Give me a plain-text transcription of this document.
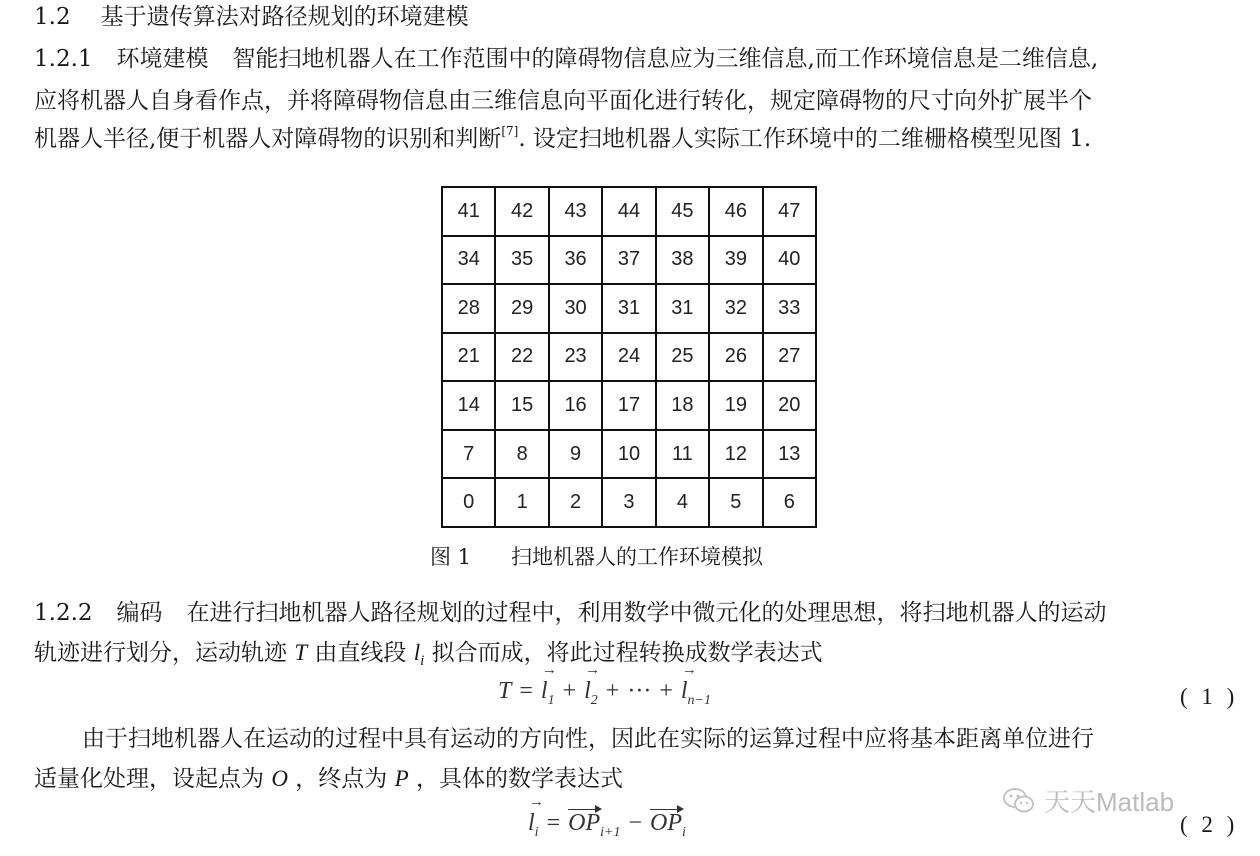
1.2 基于遗传算法对路径规划的环境建模
1.2.1 环境建模 智能扫地机器人在工作范围中的障碍物信息应为三维信息,而工作环境信息是二维信息,
应将机器人自身看作点，并将障碍物信息由三维信息向平面化进行转化，规定障碍物的尺寸向外扩展半个
机器人半径,便于机器人对障碍物的识别和判断[7]. 设定扫地机器人实际工作环境中的二维栅格模型见图 1.
41	42	43	44	45	46	47
34	35	36	37	38	39	40
28	29	30	31	31	32	33
21	22	23	24	25	26	27
14	15	16	17	18	19	20
7	8	9	10	11	12	13
0	1	2	3	4	5	6
图 1 扫地机器人的工作环境模拟
1.2.2 编码 在进行扫地机器人路径规划的过程中，利用数学中微元化的处理思想，将扫地机器人的运动
轨迹进行划分，运动轨迹 T 由直线段 $l_i$ 拟合而成，将此过程转换成数学表达式
$T =\to l_1 +\to l_2$ + ··· +→ $l_{n-1}$	( 1 )
由于扫地机器人在运动的过程中具有运动的方向性，因此在实际的运算过程中应将基本距离单位进行
适量化处理，设起点为 O ，终点为 P ，具体的数学表达式
→ $l_i = OP_{i+1} - OP_i$	( 2 )
天天Matlab
